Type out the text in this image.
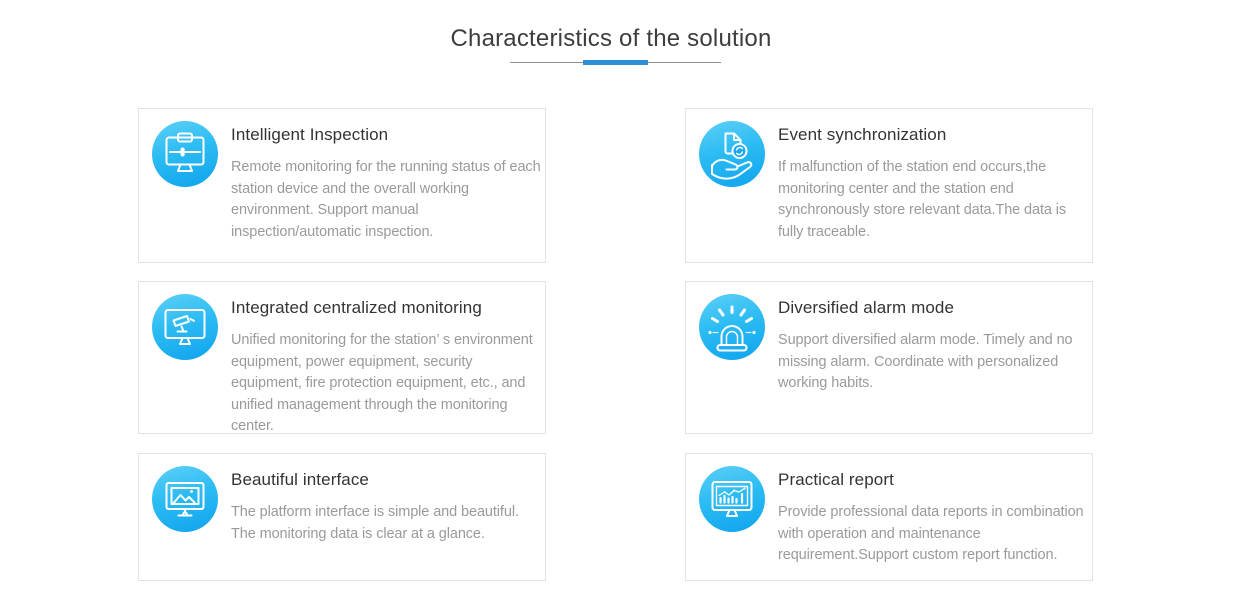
Characteristics of the solution
Intelligent Inspection

Remote monitoring for the running status of each station device and the overall working environment. Support manual inspection/automatic inspection.

Event synchronization

If malfunction of the station end occurs,the monitoring center and the station end synchronously store relevant data.The data is fully traceable.

Integrated centralized monitoring

Unified monitoring for the station’ s environment equipment, power equipment, security equipment, fire protection equipment, etc., and unified management through the monitoring center.

Diversified alarm mode

Support diversified alarm mode. Timely and no missing alarm. Coordinate with personalized working habits.

Beautiful interface

The platform interface is simple and beautiful. The monitoring data is clear at a glance.

Practical report

Provide professional data reports in combination with operation and maintenance requirement.Support custom report function.
